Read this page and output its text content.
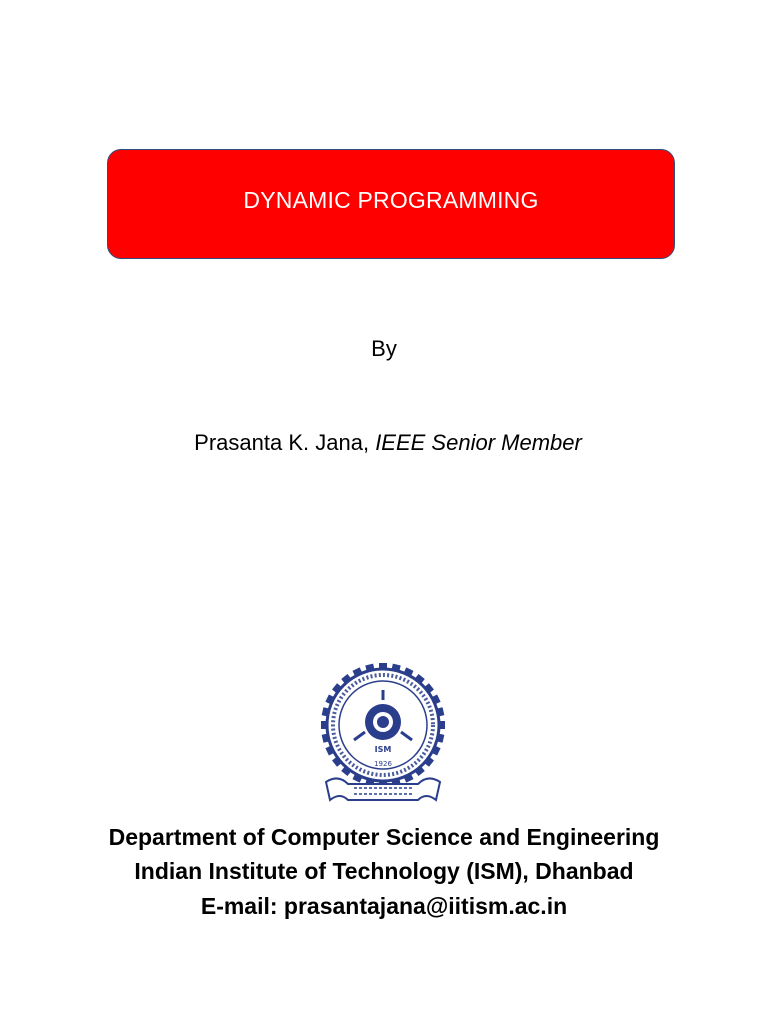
DYNAMIC PROGRAMMING
By
Prasanta K. Jana, IEEE Senior Member
ISM
1926
Department of Computer Science and Engineering
Indian Institute of Technology (ISM), Dhanbad
E-mail: prasantajana@iitism.ac.in
